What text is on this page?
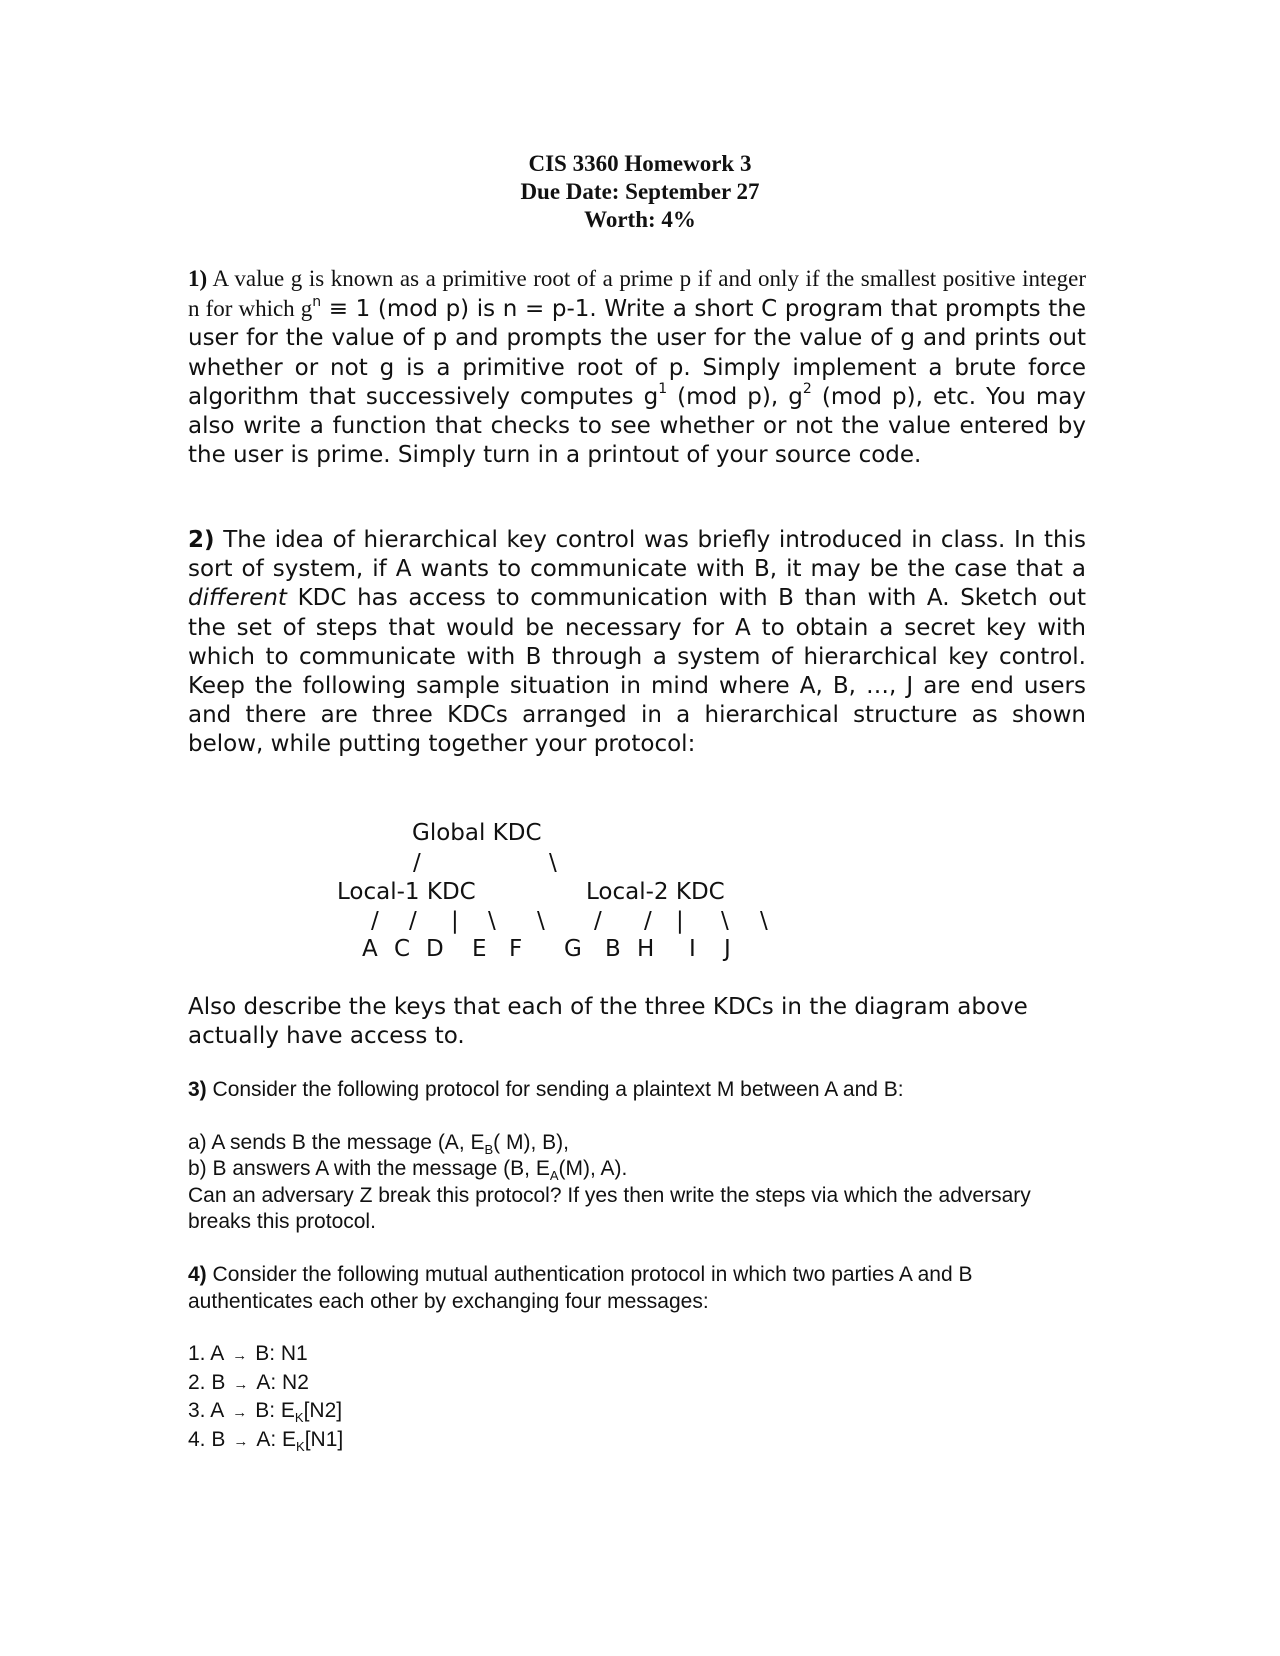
CIS 3360 Homework 3
Due Date: September 27
Worth: 4%
1) A value g is known as a primitive root of a prime p if and only if the smallest positive integer n for which $g^n \equiv 1$ (mod p) is n = p-1. Write a short C program that prompts the user for the value of p and prompts the user for the value of g and prints out whether or not g is a primitive root of p. Simply implement a brute force algorithm that successively computes $g^1$ (mod p), $g^2$ (mod p), etc. You may also write a function that checks to see whether or not the value entered by the user is prime. Simply turn in a printout of your source code.
2) The idea of hierarchical key control was briefly introduced in class. In this sort of system, if A wants to communicate with B, it may be the case that a different KDC has access to communication with B than with A. Sketch out the set of steps that would be necessary for A to obtain a secret key with which to communicate with B through a system of hierarchical key control. Keep the following sample situation in mind where A, B, …, J are end users and there are three KDCs arranged in a hierarchical structure as shown below, while putting together your protocol:
Global KDC
/	\
Local-1 KDC	Local-2 KDC
/ / | \ \ / / | \ \
A C D E F G B H I J
Also describe the keys that each of the three KDCs in the diagram above actually have access to.

3) Consider the following protocol for sending a plaintext M between A and B:

a) A sends B the message (A, $E_B$( M), B),

b) B answers A with the message (B, $E_A(M)$, A).

Can an adversary Z break this protocol? If yes then write the steps via which the adversary breaks this protocol.

4) Consider the following mutual authentication protocol in which two parties A and B authenticates each other by exchanging four messages:

1. A → B: N1

2. B → A: N2

3. A → B: $E_K[N2]$

4. B → A: $E_K[N1]$
